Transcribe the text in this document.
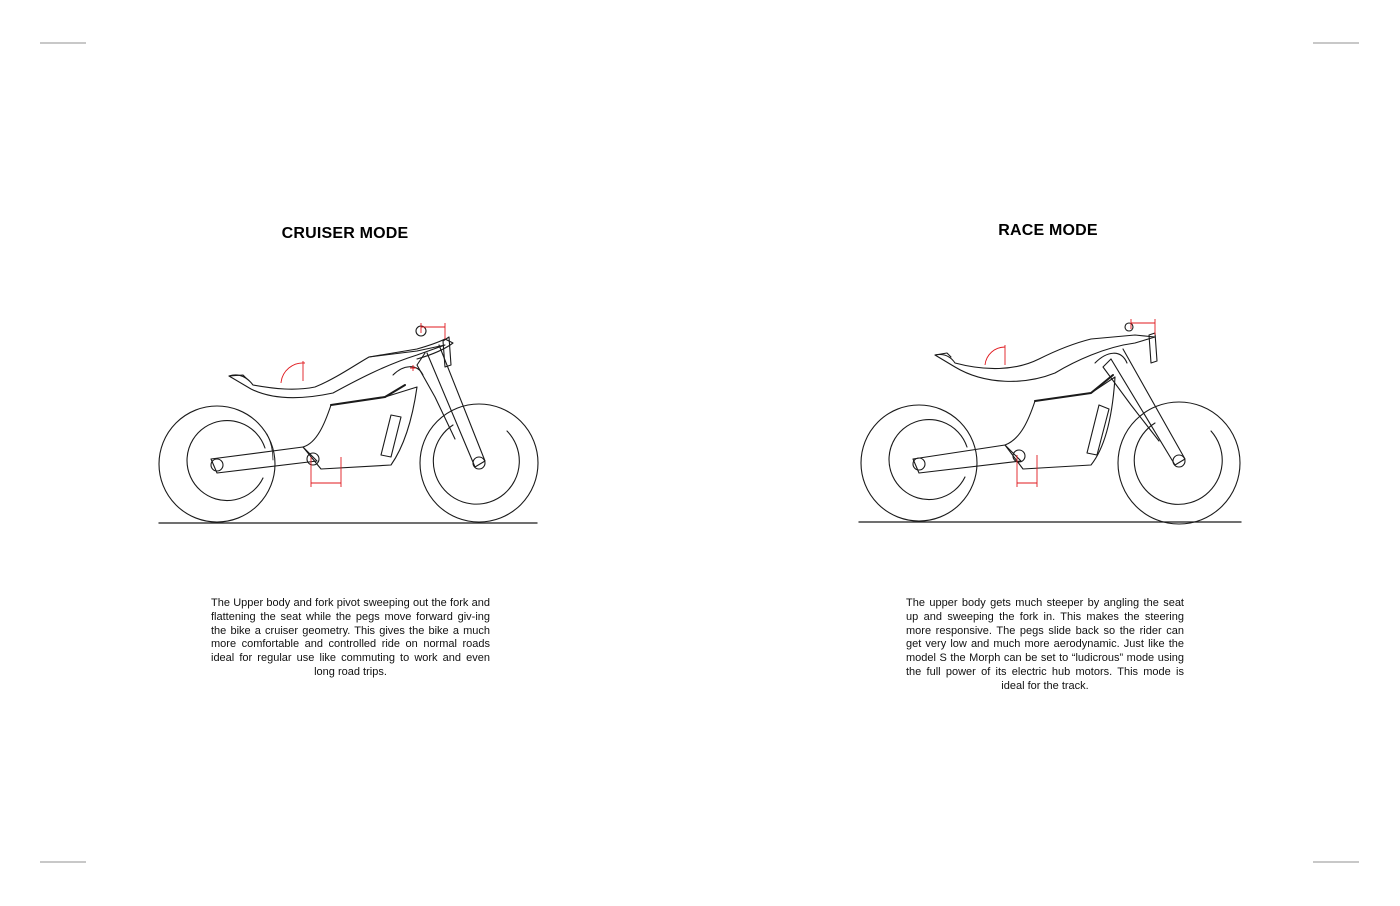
CRUISER MODE

The Upper body and fork pivot sweeping out the fork and flattening the seat while the pegs move forward giv-ing the bike a cruiser geometry. This gives the bike a much more comfortable and controlled ride on normal roads ideal for regular use like commuting to work and even long road trips.

RACE MODE

The upper body gets much steeper by angling the seat up and sweeping the fork in. This makes the steering more responsive. The pegs slide back so the rider can get very low and much more aerodynamic. Just like the model S the Morph can be set to “ludicrous” mode using the full power of its electric hub motors. This mode is ideal for the track.
